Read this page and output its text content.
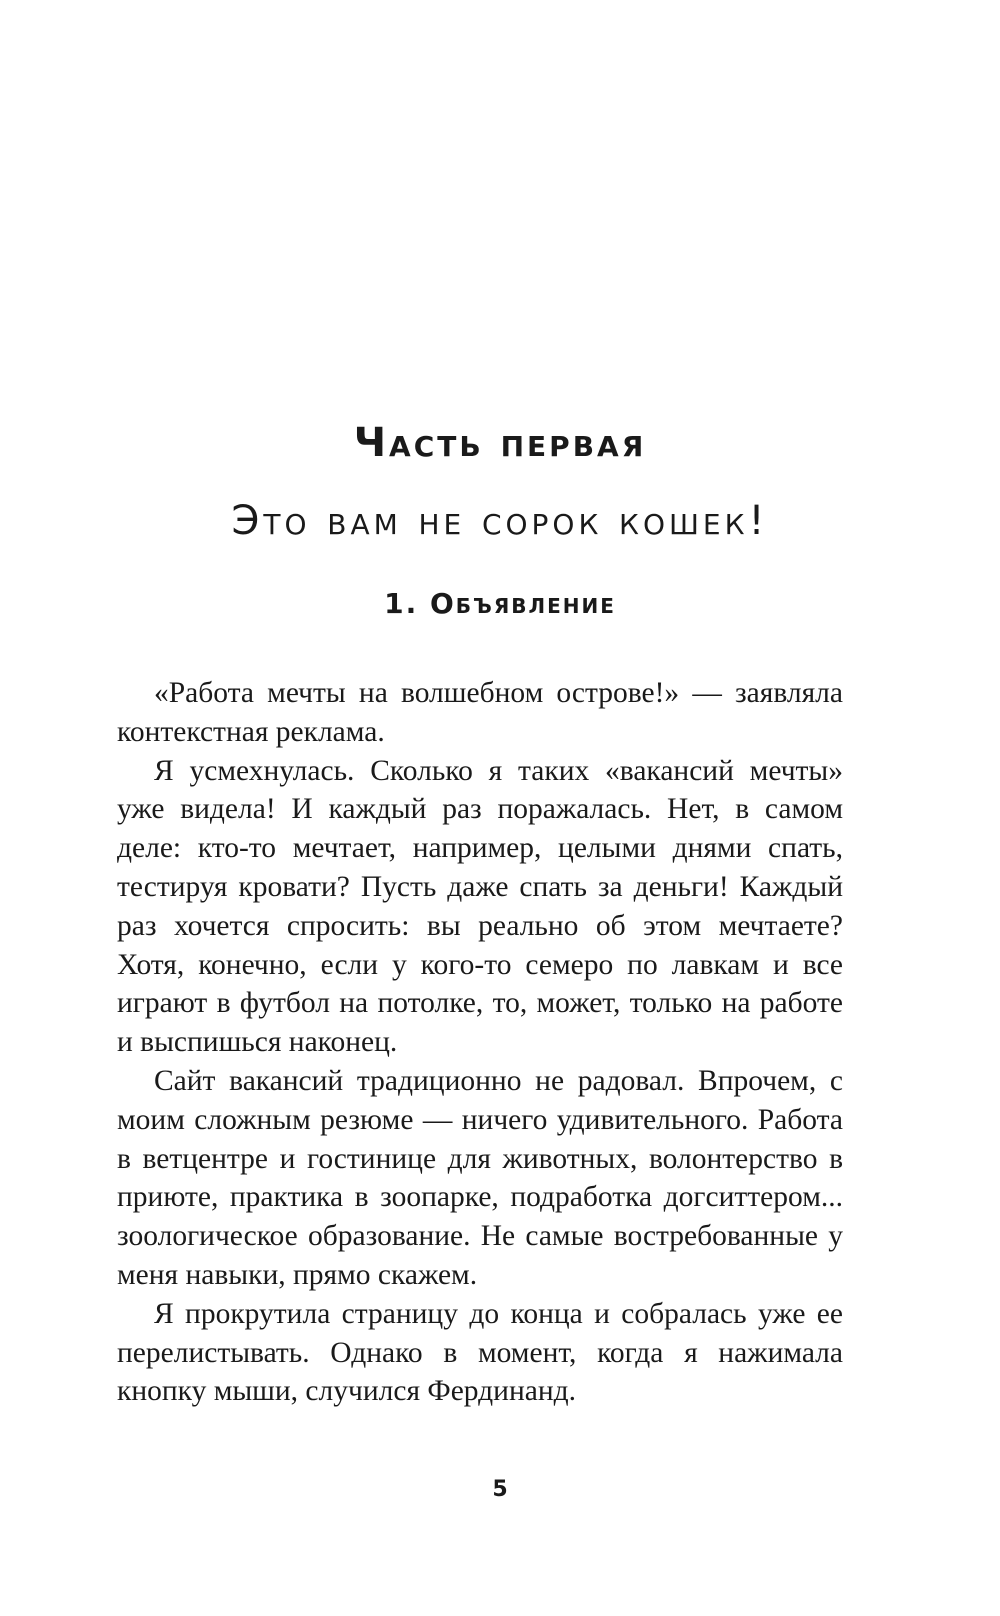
Часть первая
Это вам не сорок кошек!
1. Объявление

«Работа мечты на волшебном острове!» — заявляла контекстная реклама.

Я усмехнулась. Сколько я таких «вакансий мечты» уже видела! И каждый раз поражалась. Нет, в самом деле: кто-то мечтает, например, целыми днями спать, тестируя кровати? Пусть даже спать за деньги! Каждый раз хочется спросить: вы реально об этом мечтаете? Хотя, конечно, если у кого-то семеро по лавкам и все играют в футбол на потолке, то, может, только на работе и выспишься наконец.

Сайт вакансий традиционно не радовал. Впрочем, с моим сложным резюме — ничего удивительного. Работа в ветцентре и гостинице для животных, волонтерство в приюте, практика в зоопарке, подработка догситтером... зоологическое образование. Не самые востребованные у меня навыки, прямо скажем.

Я прокрутила страницу до конца и собралась уже ее перелистывать. Однако в момент, когда я нажимала кнопку мыши, случился Фердинанд.

5
